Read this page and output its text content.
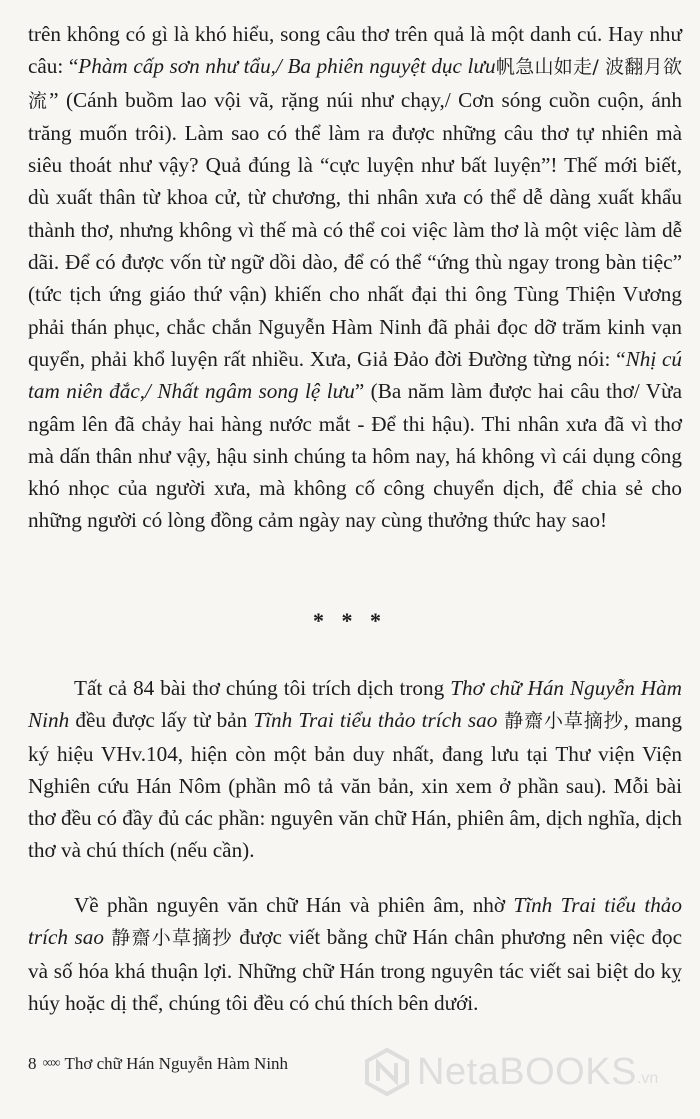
trên không có gì là khó hiểu, song câu thơ trên quả là một danh cú. Hay như câu: “Phàm cấp sơn như tẩu,/ Ba phiên nguyệt dục lưu帆急山如走/ 波翻月欲流” (Cánh buồm lao vội vã, rặng núi như chạy,/ Cơn sóng cuồn cuộn, ánh trăng muốn trôi). Làm sao có thể làm ra được những câu thơ tự nhiên mà siêu thoát như vậy? Quả đúng là “cực luyện như bất luyện”! Thế mới biết, dù xuất thân từ khoa cử, từ chương, thi nhân xưa có thể dễ dàng xuất khẩu thành thơ, nhưng không vì thế mà có thể coi việc làm thơ là một việc làm dễ dãi. Để có được vốn từ ngữ dồi dào, để có thể “ứng thù ngay trong bàn tiệc” (tức tịch ứng giáo thứ vận) khiến cho nhất đại thi ông Tùng Thiện Vương phải thán phục, chắc chắn Nguyễn Hàm Ninh đã phải đọc dỡ trăm kinh vạn quyển, phải khổ luyện rất nhiều. Xưa, Giả Đảo đời Đường từng nói: “Nhị cú tam niên đắc,/ Nhất ngâm song lệ lưu” (Ba năm làm được hai câu thơ/ Vừa ngâm lên đã chảy hai hàng nước mắt - Để thi hậu). Thi nhân xưa đã vì thơ mà dấn thân như vậy, hậu sinh chúng ta hôm nay, há không vì cái dụng công khó nhọc của người xưa, mà không cố công chuyển dịch, để chia sẻ cho những người có lòng đồng cảm ngày nay cùng thưởng thức hay sao!

* * *

Tất cả 84 bài thơ chúng tôi trích dịch trong Thơ chữ Hán Nguyễn Hàm Ninh đều được lấy từ bản Tĩnh Trai tiểu thảo trích sao 静齋小草摘抄, mang ký hiệu VHv.104, hiện còn một bản duy nhất, đang lưu tại Thư viện Viện Nghiên cứu Hán Nôm (phần mô tả văn bản, xin xem ở phần sau). Mỗi bài thơ đều có đầy đủ các phần: nguyên văn chữ Hán, phiên âm, dịch nghĩa, dịch thơ và chú thích (nếu cần).

Về phần nguyên văn chữ Hán và phiên âm, nhờ Tĩnh Trai tiểu thảo trích sao 静齋小草摘抄 được viết bằng chữ Hán chân phương nên việc đọc và số hóa khá thuận lợi. Những chữ Hán trong nguyên tác viết sai biệt do kỵ húy hoặc dị thể, chúng tôi đều có chú thích bên dưới.

8 ∞∞ Thơ chữ Hán Nguyễn Hàm Ninh	NetaBOOKS .vn
